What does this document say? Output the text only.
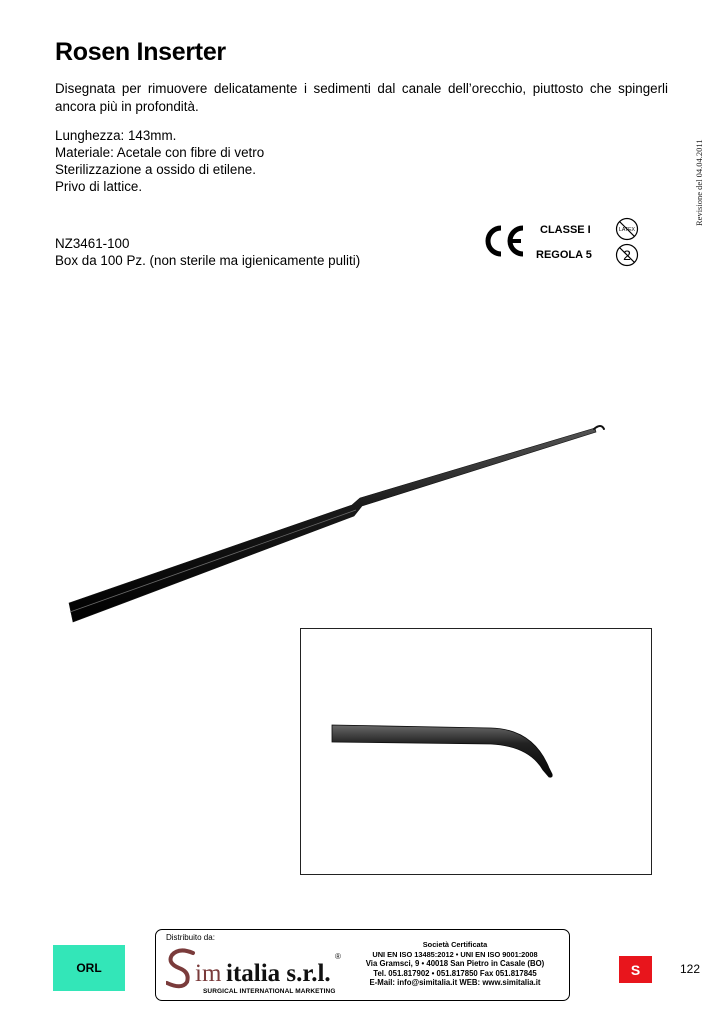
Rosen Inserter
Disegnata per rimuovere delicatamente i sedimenti dal canale dell’orecchio, piuttosto che spingerli ancora più in profondità.
Lunghezza: 143mm.
Materiale: Acetale con fibre di vetro
Sterilizzazione a ossido di etilene.
Privo di lattice.	Revisione del 04.04.2011
NZ3461-100
Box da 100 Pz. (non sterile ma igienicamente puliti)
CLASSE I
REGOLA 5
LATEX
2
ORL
Distribuito da:
im italia s.r.l.
®
SURGICAL INTERNATIONAL MARKETING
Società Certificata
UNI EN ISO 13485:2012 • UNI EN ISO 9001:2008
Via Gramsci, 9 • 40018 San Pietro in Casale (BO)
Tel. 051.817902 • 051.817850 Fax 051.817845
E-Mail: info@simitalia.it WEB: www.simitalia.it
S	122
